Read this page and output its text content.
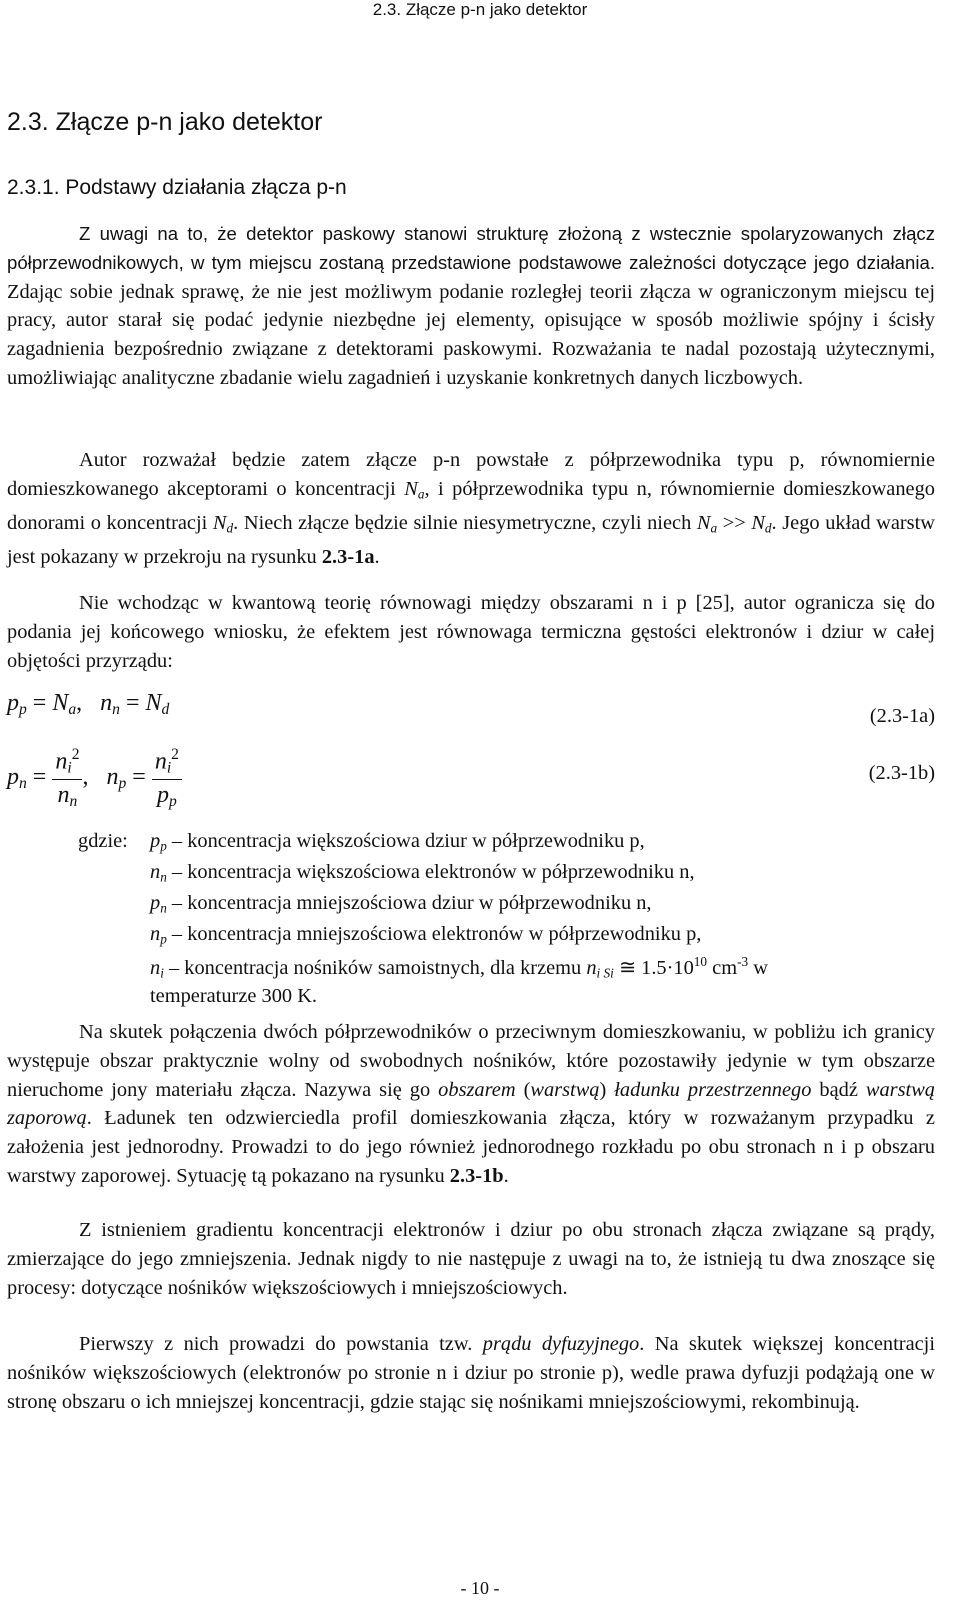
2.3. Złącze p-n jako detektor
2.3. Złącze p-n jako detektor
2.3.1. Podstawy działania złącza p-n
Z uwagi na to, że detektor paskowy stanowi strukturę złożoną z wstecznie spolaryzowanych złącz półprzewodnikowych, w tym miejscu zostaną przedstawione podstawowe zależności dotyczące jego działania. Zdając sobie jednak sprawę, że nie jest możliwym podanie rozległej teorii złącza w ograniczonym miejscu tej pracy, autor starał się podać jedynie niezbędne jej elementy, opisujące w sposób możliwie spójny i ścisły zagadnienia bezpośrednio związane z detektorami paskowymi. Rozważania te nadal pozostają użytecznymi, umożliwiając analityczne zbadanie wielu zagadnień i uzyskanie konkretnych danych liczbowych.
Autor rozważał będzie zatem złącze p-n powstałe z półprzewodnika typu p, równomiernie domieszkowanego akceptorami o koncentracji $N_a$, i półprzewodnika typu n, równomiernie domieszkowanego donorami o koncentracji $N_d$. Niech złącze będzie silnie niesymetryczne, czyli niech $N_a >> N_d$. Jego układ warstw jest pokazany w przekroju na rysunku 2.3-1a.
Nie wchodząc w kwantową teorię równowagi między obszarami n i p [25], autor ogranicza się do podania jej końcowego wniosku, że efektem jest równowaga termiczna gęstości elektronów i dziur w całej objętości przyrządu:
$p_p = N_a$, $n_n = N_d$	(2.3-1a)
$p_n = \frac{n_i^2}{n_n}$ , $n_p = \frac{n_i^2}{p_p}$	(2.3-1b)
gdzie: $p_p$ – koncentracja większościowa dziur w półprzewodniku p,
$n_n$ – koncentracja większościowa elektronów w półprzewodniku n,
$p_n$ – koncentracja mniejszościowa dziur w półprzewodniku n,
$n_p$ – koncentracja mniejszościowa elektronów w półprzewodniku p,
$n_i$ – koncentracja nośników samoistnych, dla krzemu $n_{i Si}$ ≅ $1.5\cdot 10^{10}$ $cm^{-3}$ w
temperaturze 300 K.
Na skutek połączenia dwóch półprzewodników o przeciwnym domieszkowaniu, w pobliżu ich granicy występuje obszar praktycznie wolny od swobodnych nośników, które pozostawiły jedynie w tym obszarze nieruchome jony materiału złącza. Nazywa się go obszarem (warstwą) ładunku przestrzennego bądź warstwą zaporową. Ładunek ten odzwierciedla profil domieszkowania złącza, który w rozważanym przypadku z założenia jest jednorodny. Prowadzi to do jego również jednorodnego rozkładu po obu stronach n i p obszaru warstwy zaporowej. Sytuację tą pokazano na rysunku 2.3-1b.
Z istnieniem gradientu koncentracji elektronów i dziur po obu stronach złącza związane są prądy, zmierzające do jego zmniejszenia. Jednak nigdy to nie następuje z uwagi na to, że istnieją tu dwa znoszące się procesy: dotyczące nośników większościowych i mniejszościowych.
Pierwszy z nich prowadzi do powstania tzw. prądu dyfuzyjnego. Na skutek większej koncentracji nośników większościowych (elektronów po stronie n i dziur po stronie p), wedle prawa dyfuzji podążają one w stronę obszaru o ich mniejszej koncentracji, gdzie stając się nośnikami mniejszościowymi, rekombinują.
- 10 -
